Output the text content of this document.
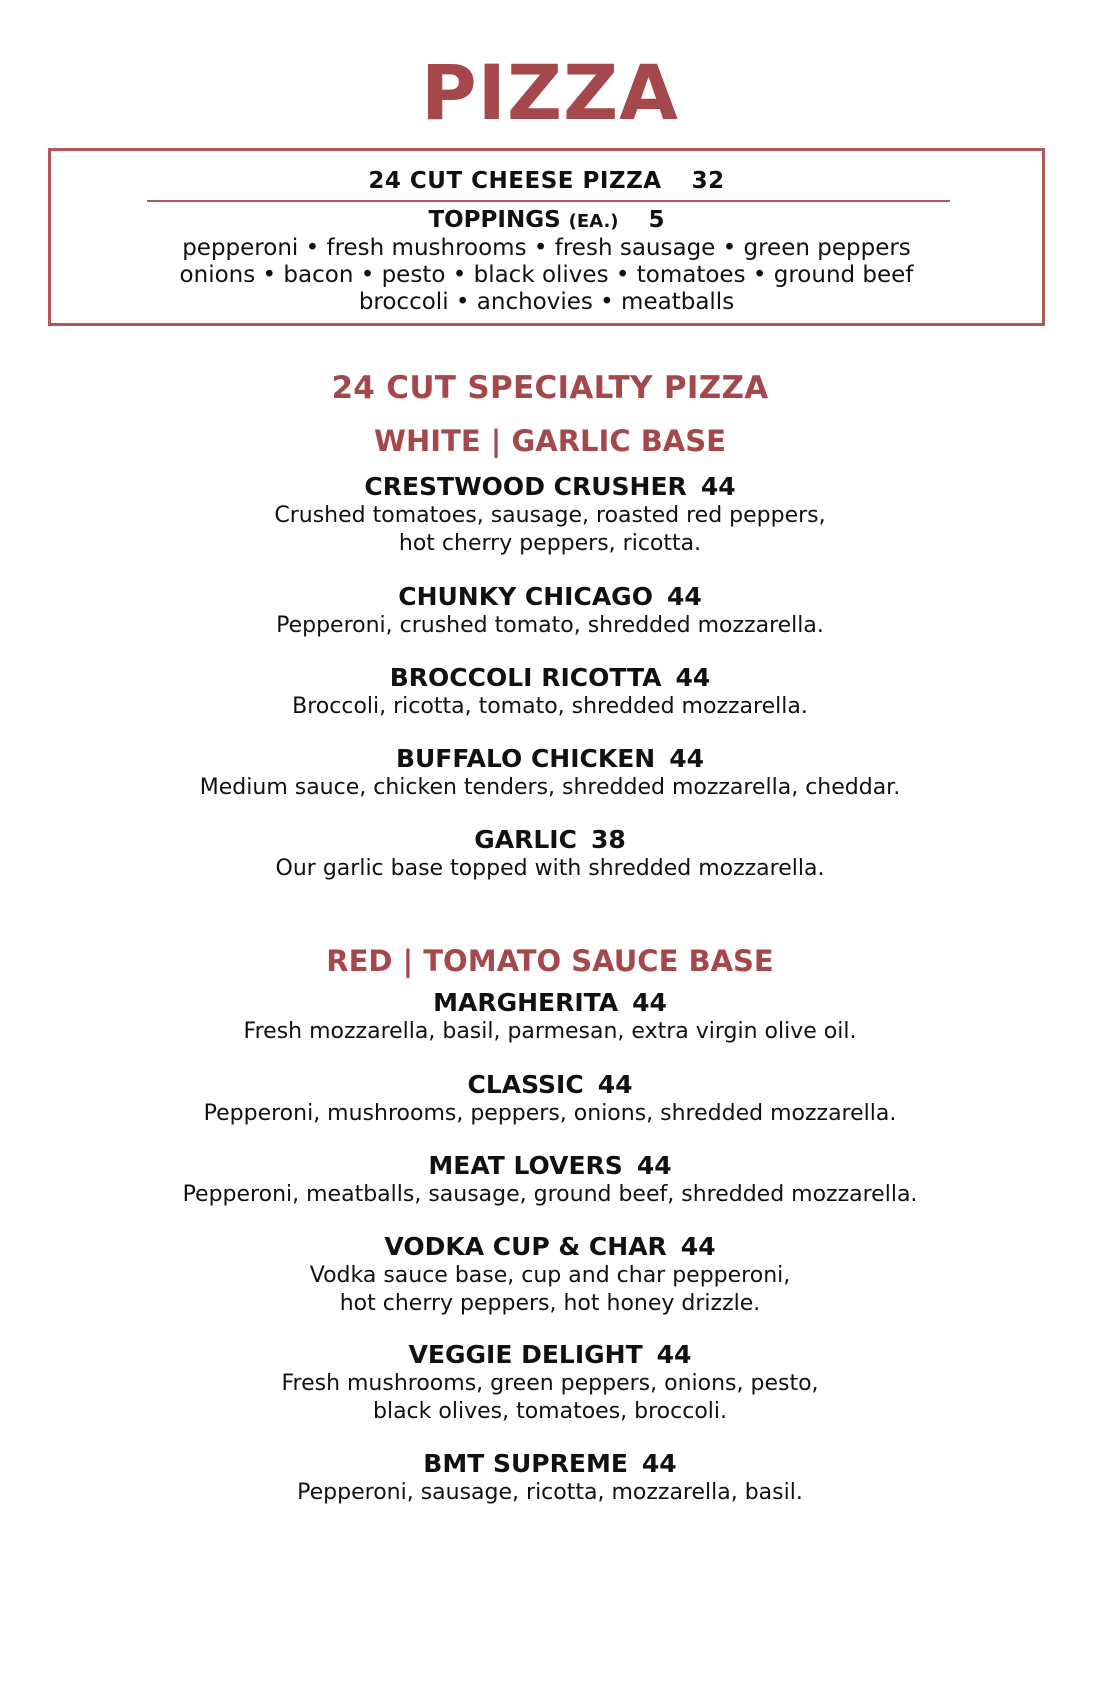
PIZZA
24 CUT CHEESE PIZZA 32
TOPPINGS (EA.) 5
pepperoni • fresh mushrooms • fresh sausage • green peppers
onions • bacon • pesto • black olives • tomatoes • ground beef
broccoli • anchovies • meatballs
24 CUT SPECIALTY PIZZA
WHITE | GARLIC BASE
CRESTWOOD CRUSHER 44
Crushed tomatoes, sausage, roasted red peppers,
hot cherry peppers, ricotta.
CHUNKY CHICAGO 44
Pepperoni, crushed tomato, shredded mozzarella.
BROCCOLI RICOTTA 44
Broccoli, ricotta, tomato, shredded mozzarella.
BUFFALO CHICKEN 44
Medium sauce, chicken tenders, shredded mozzarella, cheddar.
GARLIC 38
Our garlic base topped with shredded mozzarella.
RED | TOMATO SAUCE BASE
MARGHERITA 44
Fresh mozzarella, basil, parmesan, extra virgin olive oil.
CLASSIC 44
Pepperoni, mushrooms, peppers, onions, shredded mozzarella.
MEAT LOVERS 44
Pepperoni, meatballs, sausage, ground beef, shredded mozzarella.
VODKA CUP & CHAR 44
Vodka sauce base, cup and char pepperoni,
hot cherry peppers, hot honey drizzle.
VEGGIE DELIGHT 44
Fresh mushrooms, green peppers, onions, pesto,
black olives, tomatoes, broccoli.
BMT SUPREME 44
Pepperoni, sausage, ricotta, mozzarella, basil.
